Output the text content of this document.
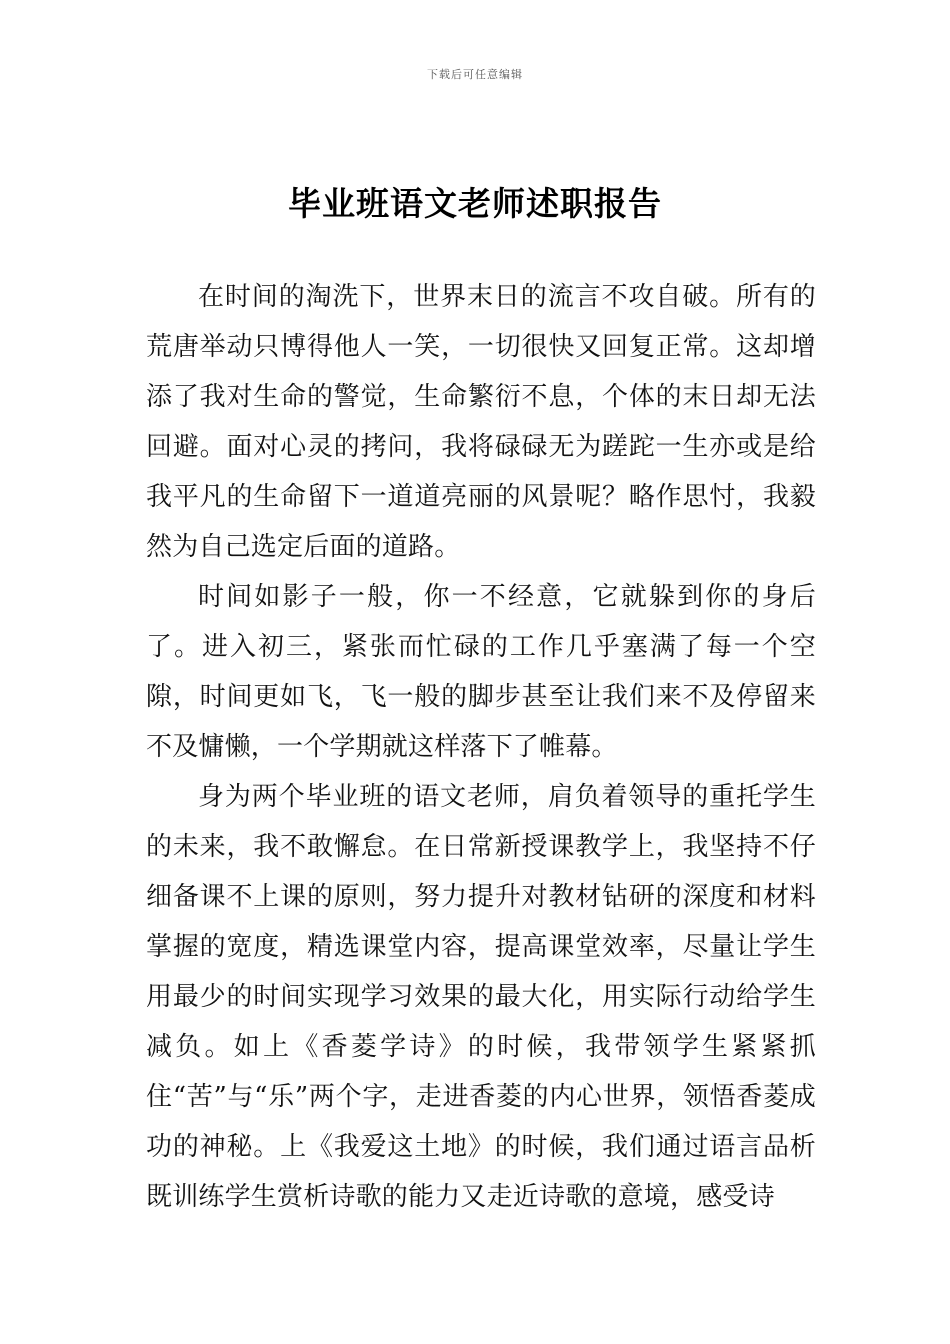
下载后可任意编辑
毕业班语文老师述职报告

在时间的淘洗下，世界末日的流言不攻自破。所有的荒唐举动只博得他人一笑，一切很快又回复正常。这却增添了我对生命的警觉，生命繁衍不息，个体的末日却无法回避。面对心灵的拷问，我将碌碌无为蹉跎一生亦或是给我平凡的生命留下一道道亮丽的风景呢？略作思忖，我毅然为自己选定后面的道路。

时间如影子一般，你一不经意，它就躲到你的身后了。进入初三，紧张而忙碌的工作几乎塞满了每一个空隙，时间更如飞，飞一般的脚步甚至让我们来不及停留来不及慵懒，一个学期就这样落下了帷幕。

身为两个毕业班的语文老师，肩负着领导的重托学生的未来，我不敢懈怠。在日常新授课教学上，我坚持不仔细备课不上课的原则，努力提升对教材钻研的深度和材料掌握的宽度，精选课堂内容，提高课堂效率，尽量让学生用最少的时间实现学习效果的最大化，用实际行动给学生减负。如上《香菱学诗》的时候，我带领学生紧紧抓住“苦”与“乐”两个字，走进香菱的内心世界，领悟香菱成功的神秘。上《我爱这土地》的时候，我们通过语言品析既训练学生赏析诗歌的能力又走近诗歌的意境，感受诗
